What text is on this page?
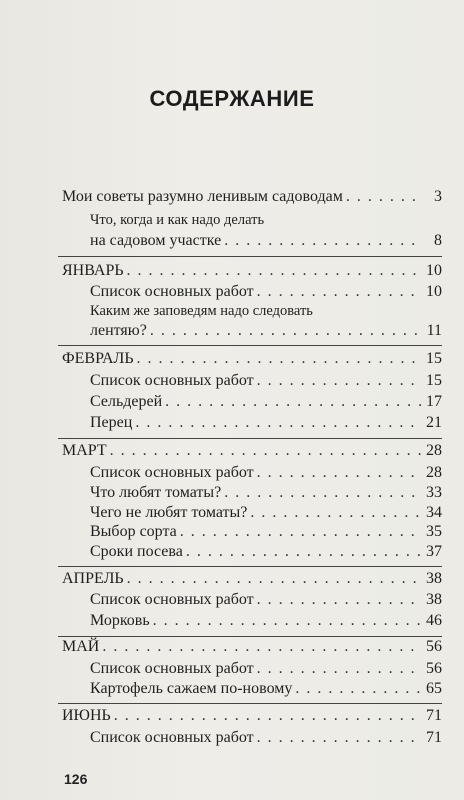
СОДЕРЖАНИЕ
Мои советы разумно ленивым садоводам . . .	3
Что, когда и как надо делать
на садовом участке . . .	8
ЯНВАРЬ . . .	10
Список основных работ . . .	10
Каким же заповедям надо следовать
лентяю? . . .	11
ФЕВРАЛЬ . . .	15
Список основных работ . . .	15
Сельдерей . . .	17
Перец . . .	21
МАРТ . . .	28
Список основных работ . . .	28
Что любят томаты? . . .	33
Чего не любят томаты? . . .	34
Выбор сорта . . .	35
Сроки посева . . .	37
АПРЕЛЬ . . .	38
Список основных работ . . .	38
Морковь . . .	46
МАЙ . . .	56
Список основных работ . . .	56
Картофель сажаем по-новому . . .	65
ИЮНЬ . . .	71
Список основных работ . . .	71
126
